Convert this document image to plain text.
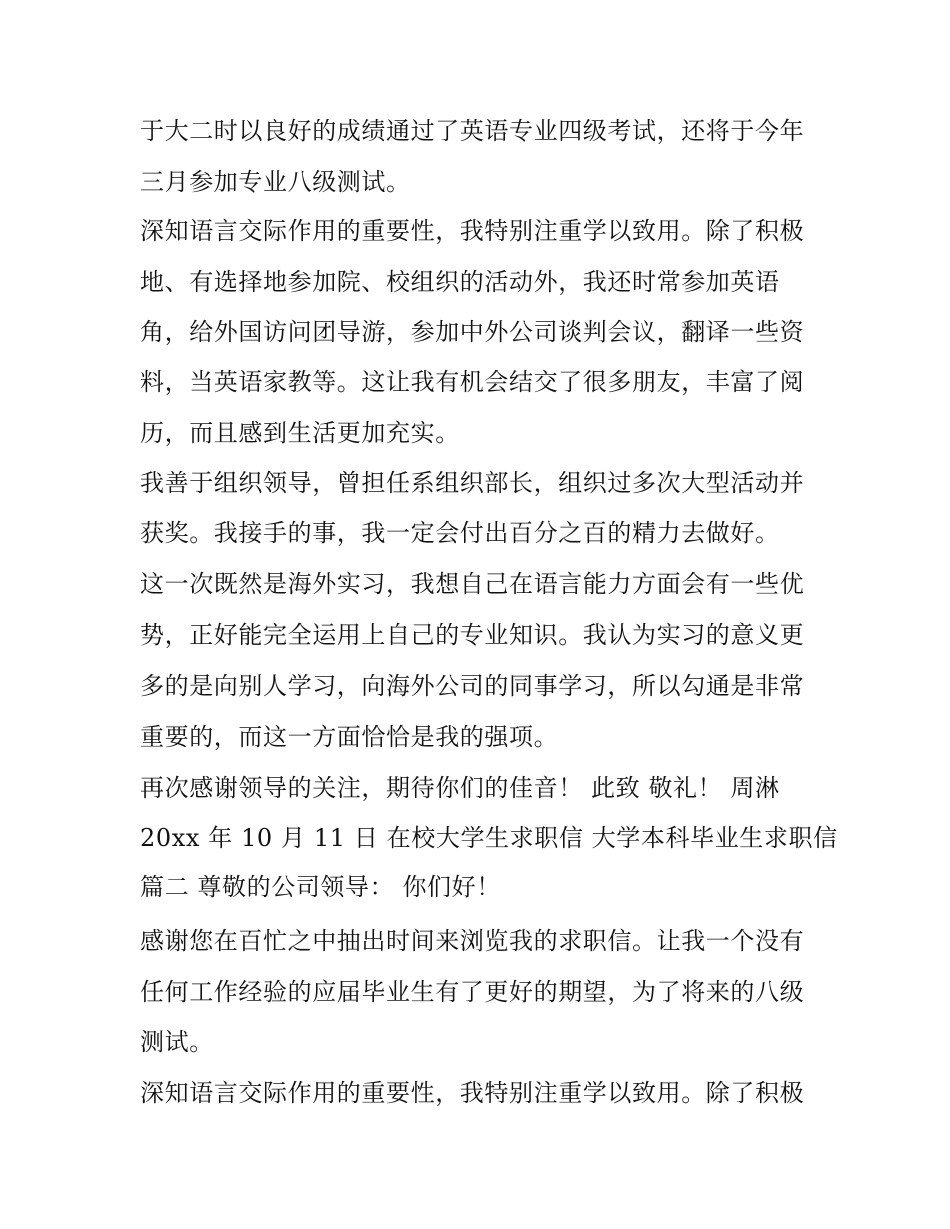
于大二时以良好的成绩通过了英语专业四级考试，还将于今年

三月参加专业八级测试。

深知语言交际作用的重要性，我特别注重学以致用。除了积极

地、有选择地参加院、校组织的活动外，我还时常参加英语

角，给外国访问团导游，参加中外公司谈判会议，翻译一些资

料，当英语家教等。这让我有机会结交了很多朋友，丰富了阅

历，而且感到生活更加充实。

我善于组织领导，曾担任系组织部长，组织过多次大型活动并

获奖。我接手的事，我一定会付出百分之百的精力去做好。

这一次既然是海外实习，我想自己在语言能力方面会有一些优

势，正好能完全运用上自己的专业知识。我认为实习的意义更

多的是向别人学习，向海外公司的同事学习，所以勾通是非常

重要的，而这一方面恰恰是我的强项。

再次感谢领导的关注，期待你们的佳音！ 此致 敬礼！ 周淋

20xx 年 10 月 11 日 在校大学生求职信 大学本科毕业生求职信

篇二 尊敬的公司领导： 你们好！

感谢您在百忙之中抽出时间来浏览我的求职信。让我一个没有

任何工作经验的应届毕业生有了更好的期望，为了将来的八级

测试。

深知语言交际作用的重要性，我特别注重学以致用。除了积极
